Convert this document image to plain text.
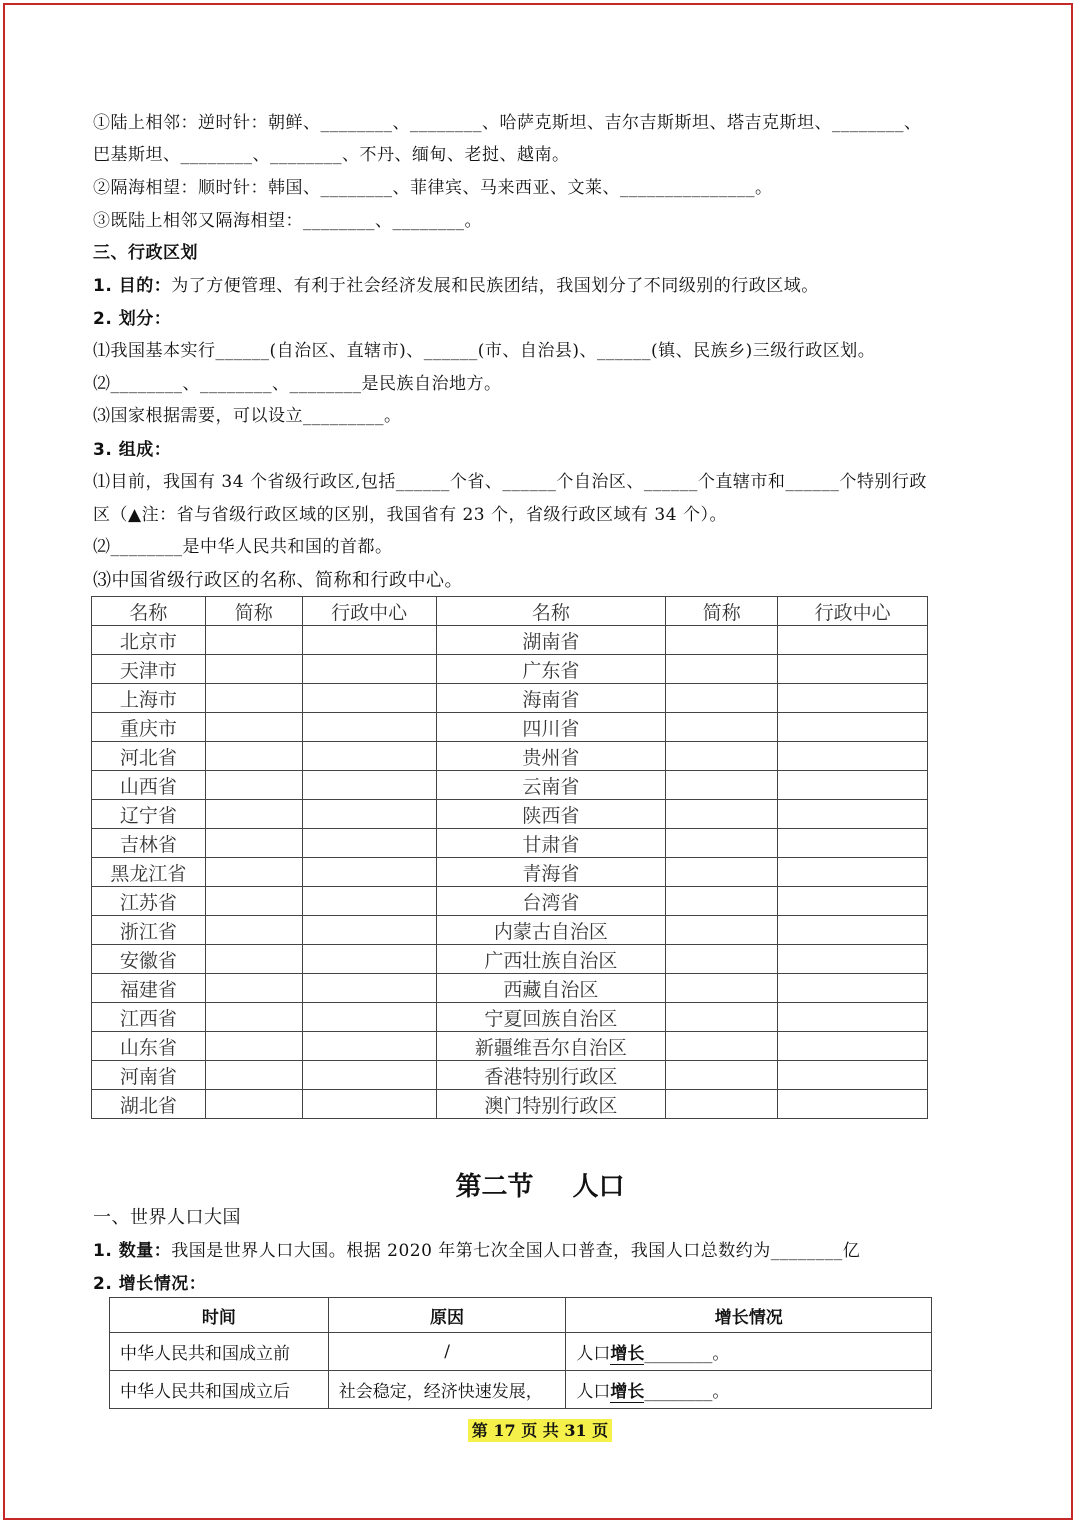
①陆上相邻：逆时针：朝鲜、________、________、哈萨克斯坦、吉尔吉斯斯坦、塔吉克斯坦、________、
巴基斯坦、________、________、不丹、缅甸、老挝、越南。
②隔海相望：顺时针：韩国、________、菲律宾、马来西亚、文莱、_______________。
③既陆上相邻又隔海相望：________、________。
三、行政区划
1. 目的：为了方便管理、有利于社会经济发展和民族团结，我国划分了不同级别的行政区域。
2. 划分：
⑴我国基本实行______(自治区、直辖市)、______(市、自治县)、______(镇、民族乡)三级行政区划。
⑵________、________、________是民族自治地方。
⑶国家根据需要，可以设立_________。
3. 组成：
⑴目前，我国有 34 个省级行政区,包括______个省、______个自治区、______个直辖市和______个特别行政
区（▲注：省与省级行政区域的区别，我国省有 23 个，省级行政区域有 34 个）。
⑵________是中华人民共和国的首都。
⑶中国省级行政区的名称、简称和行政中心。
名称	简称	行政中心	名称	简称	行政中心
北京市			湖南省		
天津市			广东省		
上海市			海南省		
重庆市			四川省		
河北省			贵州省		
山西省			云南省		
辽宁省			陕西省		
吉林省			甘肃省		
黑龙江省			青海省		
江苏省			台湾省		
浙江省			内蒙古自治区		
安徽省			广西壮族自治区		
福建省			西藏自治区		
江西省			宁夏回族自治区		
山东省			新疆维吾尔自治区		
河南省			香港特别行政区		
湖北省			澳门特别行政区		
第二节 人口
一、世界人口大国
1. 数量：我国是世界人口大国。根据 2020 年第七次全国人口普查，我国人口总数约为________亿
2. 增长情况：
时间	原因	增长情况
中华人民共和国成立前	/	人口增长________。
中华人民共和国成立后	社会稳定，经济快速发展，	人口增长________。
第 17 页 共 31 页
